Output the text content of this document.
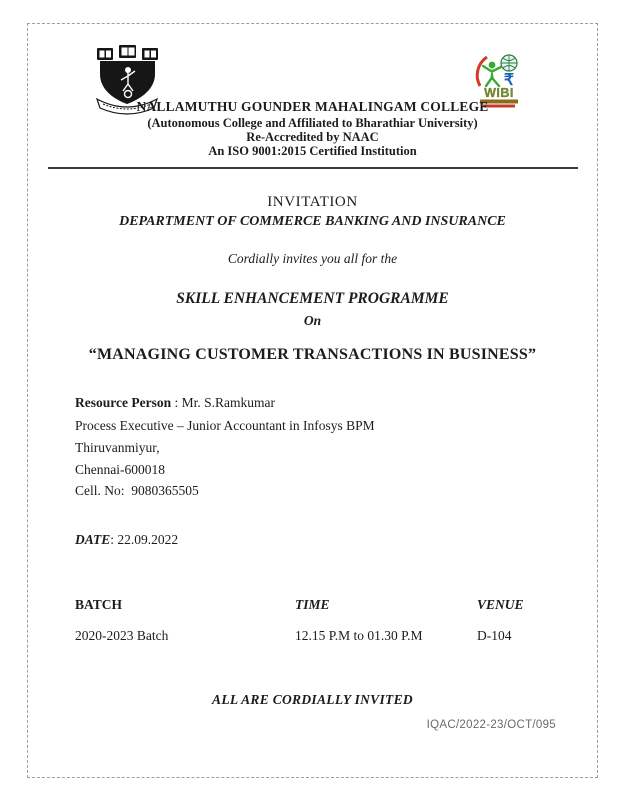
₹
WIBI
NALLAMUTHU GOUNDER MAHALINGAM COLLEGE
(Autonomous College and Affiliated to Bharathiar University)
Re-Accredited by NAAC
An ISO 9001:2015 Certified Institution
INVITATION
DEPARTMENT OF COMMERCE BANKING AND INSURANCE
Cordially invites you all for the
SKILL ENHANCEMENT PROGRAMME
On
“MANAGING CUSTOMER TRANSACTIONS IN BUSINESS”
Resource Person : Mr. S.Ramkumar
Process Executive – Junior Accountant in Infosys BPM
Thiruvanmiyur,
Chennai-600018
Cell. No:  9080365505
DATE: 22.09.2022
BATCH	TIME	VENUE
2020-2023 Batch	12.15 P.M to 01.30 P.M	D-104
ALL ARE CORDIALLY INVITED
IQAC/2022-23/OCT/095
